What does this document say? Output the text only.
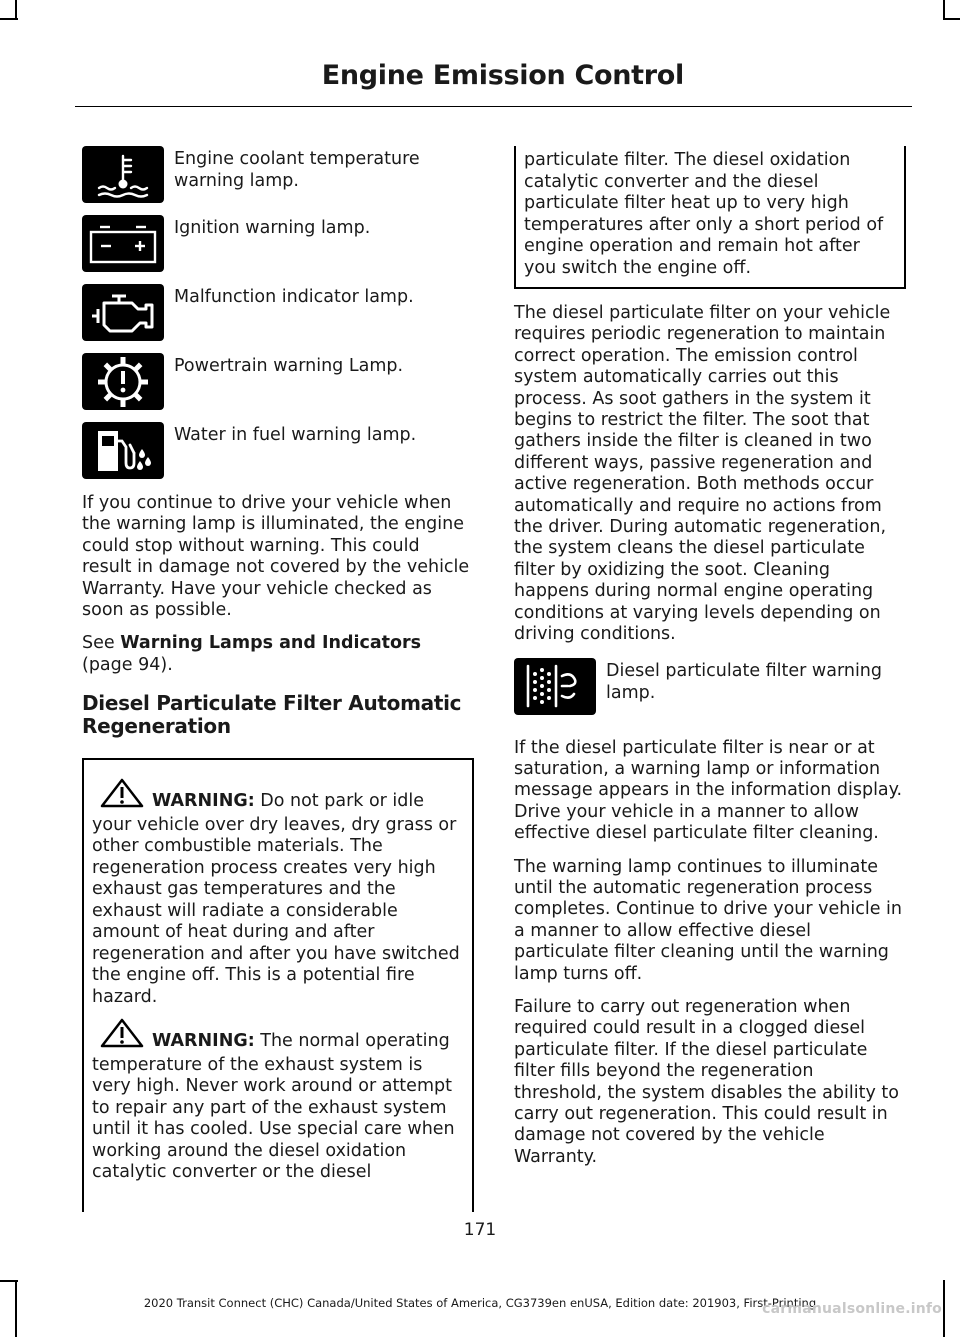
Engine Emission Control
Engine coolant temperature warning lamp.
Ignition warning lamp.
Malfunction indicator lamp.
Powertrain warning Lamp.
Water in fuel warning lamp.

If you continue to drive your vehicle when the warning lamp is illuminated, the engine could stop without warning. This could result in damage not covered by the vehicle Warranty. Have your vehicle checked as soon as possible.

See Warning Lamps and Indicators
(page 94).

Diesel Particulate Filter Automatic Regeneration
WARNING: Do not park or idle your vehicle over dry leaves, dry grass or other combustible materials. The regeneration process creates very high exhaust gas temperatures and the exhaust will radiate a considerable amount of heat during and after regeneration and after you have switched the engine off. This is a potential fire hazard.
WARNING: The normal operating temperature of the exhaust system is very high. Never work around or attempt to repair any part of the exhaust system until it has cooled. Use special care when working around the diesel oxidation catalytic converter or the diesel
particulate filter. The diesel oxidation catalytic converter and the diesel particulate filter heat up to very high temperatures after only a short period of engine operation and remain hot after you switch the engine off.

The diesel particulate filter on your vehicle requires periodic regeneration to maintain correct operation. The emission control system automatically carries out this process. As soot gathers in the system it begins to restrict the filter. The soot that gathers inside the filter is cleaned in two different ways, passive regeneration and active regeneration. Both methods occur automatically and require no actions from the driver. During automatic regeneration, the system cleans the diesel particulate filter by oxidizing the soot. Cleaning happens during normal engine operating conditions at varying levels depending on driving conditions.

Diesel particulate filter warning lamp.

If the diesel particulate filter is near or at saturation, a warning lamp or information message appears in the information display. Drive your vehicle in a manner to allow effective diesel particulate filter cleaning.

The warning lamp continues to illuminate until the automatic regeneration process completes. Continue to drive your vehicle in a manner to allow effective diesel particulate filter cleaning until the warning lamp turns off.

Failure to carry out regeneration when required could result in a clogged diesel particulate filter. If the diesel particulate filter fills beyond the regeneration threshold, the system disables the ability to carry out regeneration. This could result in damage not covered by the vehicle Warranty.

171
2020 Transit Connect (CHC) Canada/United States of America, CG3739en enUSA, Edition date: 201903, First-Printing
carmanualsonline.info
